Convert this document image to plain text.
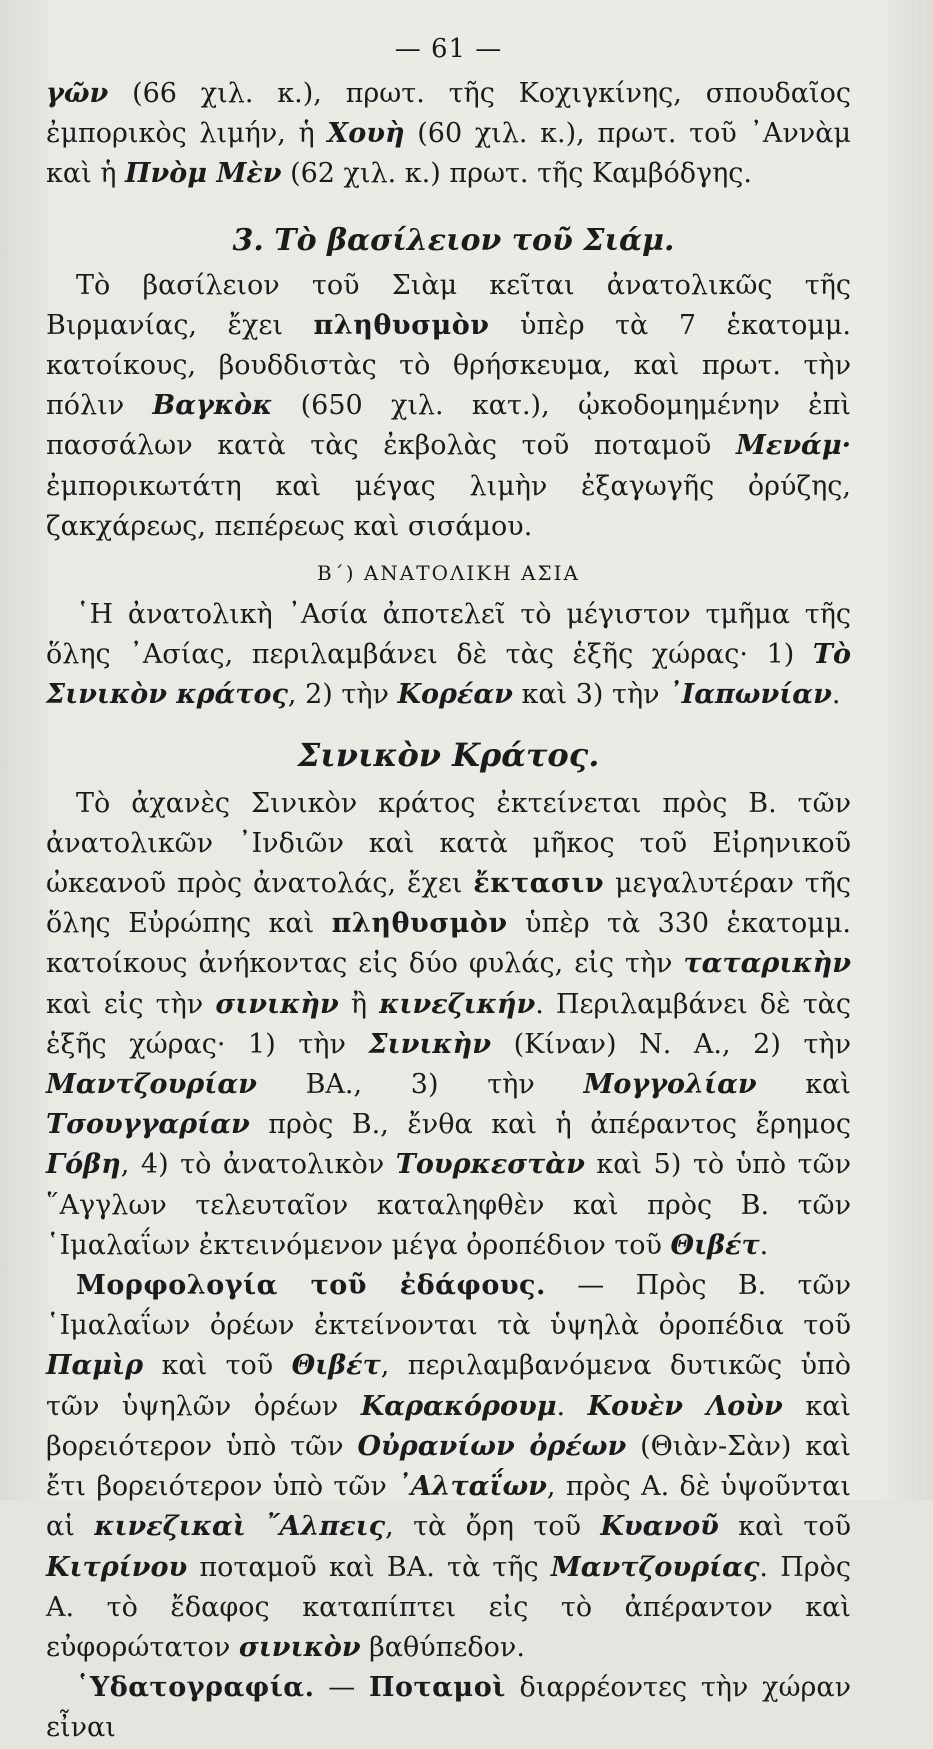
— 61 —

γῶν (66 χιλ. κ.), πρωτ. τῆς Κοχιγκίνης, σπουδαῖος ἐμπορικὸς λιμήν, ἡ Χουὴ (60 χιλ. κ.), πρωτ. τοῦ ᾿Αννὰμ καὶ ἡ Πνὸμ Μὲν (62 χιλ. κ.) πρωτ. τῆς Καμβόδγης.

3. Τὸ βασίλειον τοῦ Σιάμ.

Τὸ βασίλειον τοῦ Σιὰμ κεῖται ἀνατολικῶς τῆς Βιρμανίας, ἔχει πληθυσμὸν ὑπὲρ τὰ 7 ἑκατομμ. κατοίκους, βουδδιστὰς τὸ θρήσκευμα, καὶ πρωτ. τὴν πόλιν Βαγκὸκ (650 χιλ. κατ.), ᾠκοδομημένην ἐπὶ πασσάλων κατὰ τὰς ἐκβολὰς τοῦ ποταμοῦ Μενάμ· ἐμπορικωτάτη καὶ μέγας λιμὴν ἐξαγωγῆς ὀρύζης, ζακχάρεως, πεπέρεως καὶ σισάμου.

Β΄) ΑΝΑΤΟΛΙΚΗ ΑΣΙΑ

῾Η ἀνατολικὴ ᾿Ασία ἀποτελεῖ τὸ μέγιστον τμῆμα τῆς ὅλης ᾿Ασίας, περιλαμβάνει δὲ τὰς ἑξῆς χώρας· 1) Τὸ Σινικὸν κράτος, 2) τὴν Κορέαν καὶ 3) τὴν ᾿Ιαπωνίαν.

Σινικὸν Κράτος.

Τὸ ἀχανὲς Σινικὸν κράτος ἐκτείνεται πρὸς Β. τῶν ἀνατολικῶν ᾿Ινδιῶν καὶ κατὰ μῆκος τοῦ Εἰρηνικοῦ ὠκεανοῦ πρὸς ἀνατολάς, ἔχει ἔκτασιν μεγαλυτέραν τῆς ὅλης Εὐρώπης καὶ πληθυσμὸν ὑπὲρ τὰ 330 ἑκατομμ. κατοίκους ἀνήκοντας εἰς δύο φυλάς, εἰς τὴν ταταρικὴν καὶ εἰς τὴν σινικὴν ἢ κινεζικήν. Περιλαμβάνει δὲ τὰς ἑξῆς χώρας· 1) τὴν Σινικὴν (Κίναν) Ν. Α., 2) τὴν Μαντζουρίαν ΒΑ., 3) τὴν Μογγολίαν καὶ Τσουγγαρίαν πρὸς Β., ἔνθα καὶ ἡ ἀπέραντος ἔρημος Γόβη, 4) τὸ ἀνατολικὸν Τουρκεστὰν καὶ 5) τὸ ὑπὸ τῶν ῞Αγγλων τελευταῖον καταληφθὲν καὶ πρὸς Β. τῶν ῾Ιμαλαΐων ἐκτεινόμενον μέγα ὀροπέδιον τοῦ Θιβέτ.

Μορφολογία τοῦ ἐδάφους. — Πρὸς Β. τῶν ῾Ιμαλαΐων ὀρέων ἐκτείνονται τὰ ὑψηλὰ ὀροπέδια τοῦ Παμὶρ καὶ τοῦ Θιβέτ, περιλαμβανόμενα δυτικῶς ὑπὸ τῶν ὑψηλῶν ὀρέων Καρακόρουμ. Κουὲν Λοὺν καὶ βορειότερον ὑπὸ τῶν Οὐρανίων ὀρέων (Θιὰν-Σὰν) καὶ ἔτι βορειότερον ὑπὸ τῶν ᾿Αλταΐων, πρὸς Α. δὲ ὑψοῦνται αἱ κινεζικαὶ ῎Αλπεις, τὰ ὄρη τοῦ Κυανοῦ καὶ τοῦ Κιτρίνου ποταμοῦ καὶ ΒΑ. τὰ τῆς Μαντζουρίας. Πρὸς Α. τὸ ἔδαφος καταπίπτει εἰς τὸ ἀπέραντον καὶ εὐφορώτατον σινικὸν βαθύπεδον.

῾Υδατογραφία. — Ποταμοὶ διαρρέοντες τὴν χώραν εἶναι
